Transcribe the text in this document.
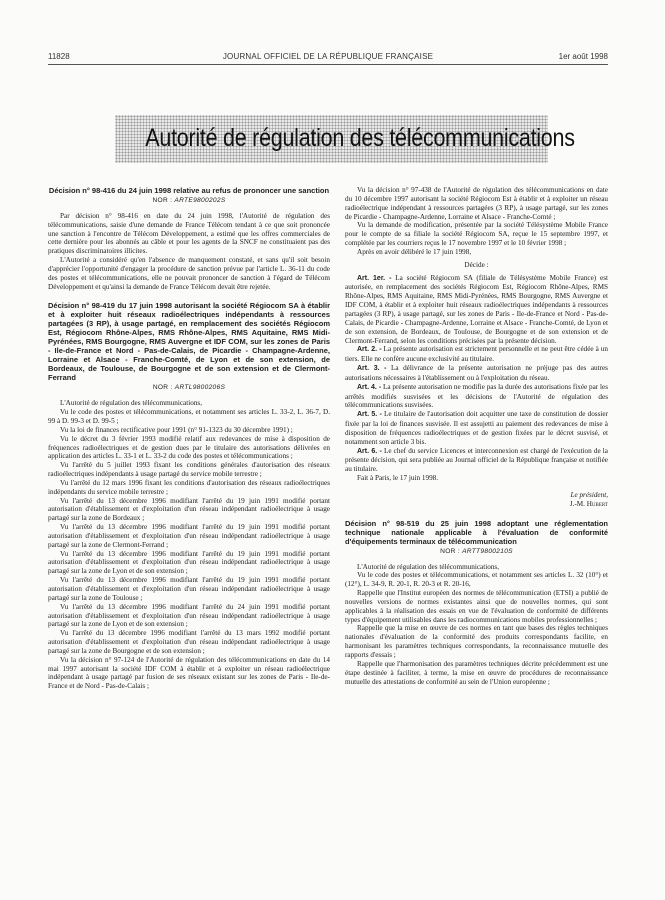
11828	JOURNAL OFFICIEL DE LA RÉPUBLIQUE FRANÇAISE	1er août 1998
Autorité de régulation des télécommunications
Décision n° 98-416 du 24 juin 1998 relative au refus de prononcer une sanction
NOR : ARTE9800202S

Par décision n° 98-416 en date du 24 juin 1998, l'Autorité de régulation des télécommunications, saisie d'une demande de France Télécom tendant à ce que soit prononcée une sanction à l'encontre de Télécom Développement, a estimé que les offres commerciales de cette dernière pour les abonnés au câble et pour les agents de la SNCF ne constituaient pas des pratiques discriminatoires illicites.

L'Autorité a considéré qu'en l'absence de manquement constaté, et sans qu'il soit besoin d'apprécier l'opportunité d'engager la procédure de sanction prévue par l'article L. 36-11 du code des postes et télécommunications, elle ne pouvait prononcer de sanction à l'égard de Télécom Développement et qu'ainsi la demande de France Télécom devait être rejetée.

Décision n° 98-419 du 17 juin 1998 autorisant la société Régiocom SA à établir et à exploiter huit réseaux radioélectriques indépendants à ressources partagées (3 RP), à usage partagé, en remplacement des sociétés Régiocom Est, Régiocom Rhône-Alpes, RMS Rhône-Alpes, RMS Aquitaine, RMS Midi-Pyrénées, RMS Bourgogne, RMS Auvergne et IDF COM, sur les zones de Paris - Ile-de-France et Nord - Pas-de-Calais, de Picardie - Champagne-Ardenne, Lorraine et Alsace - Franche-Comté, de Lyon et de son extension, de Bordeaux, de Toulouse, de Bourgogne et de son extension et de Clermont-Ferrand
NOR : ARTL9800206S

L'Autorité de régulation des télécommunications,

Vu le code des postes et télécommunications, et notamment ses articles L. 33-2, L. 36-7, D. 99 à D. 99-3 et D. 99-5 ;

Vu la loi de finances rectificative pour 1991 (n° 91-1323 du 30 décembre 1991) ;

Vu le décret du 3 février 1993 modifié relatif aux redevances de mise à disposition de fréquences radioélectriques et de gestion dues par le titulaire des autorisations délivrées en application des articles L. 33-1 et L. 33-2 du code des postes et télécommunications ;

Vu l'arrêté du 5 juillet 1993 fixant les conditions générales d'autorisation des réseaux radioélectriques indépendants à usage partagé du service mobile terrestre ;

Vu l'arrêté du 12 mars 1996 fixant les conditions d'autorisation des réseaux radioélectriques indépendants du service mobile terrestre ;

Vu l'arrêté du 13 décembre 1996 modifiant l'arrêté du 19 juin 1991 modifié portant autorisation d'établissement et d'exploitation d'un réseau indépendant radioélectrique à usage partagé sur la zone de Bordeaux ;

Vu l'arrêté du 13 décembre 1996 modifiant l'arrêté du 19 juin 1991 modifié portant autorisation d'établissement et d'exploitation d'un réseau indépendant radioélectrique à usage partagé sur la zone de Clermont-Ferrand ;

Vu l'arrêté du 13 décembre 1996 modifiant l'arrêté du 19 juin 1991 modifié portant autorisation d'établissement et d'exploitation d'un réseau indépendant radioélectrique à usage partagé sur la zone de Lyon et de son extension ;

Vu l'arrêté du 13 décembre 1996 modifiant l'arrêté du 19 juin 1991 modifié portant autorisation d'établissement et d'exploitation d'un réseau indépendant radioélectrique à usage partagé sur la zone de Toulouse ;

Vu l'arrêté du 13 décembre 1996 modifiant l'arrêté du 24 juin 1991 modifié portant autorisation d'établissement et d'exploitation d'un réseau indépendant radioélectrique à usage partagé sur la zone de Lyon et de son extension ;

Vu l'arrêté du 13 décembre 1996 modifiant l'arrêté du 13 mars 1992 modifié portant autorisation d'établissement et d'exploitation d'un réseau indépendant radioélectrique à usage partagé sur la zone de Bourgogne et de son extension ;

Vu la décision n° 97-124 de l'Autorité de régulation des télécommunications en date du 14 mai 1997 autorisant la société IDF COM à établir et à exploiter un réseau radioélectrique indépendant à usage partagé par fusion de ses réseaux existant sur les zones de Paris - Ile-de-France et de Nord - Pas-de-Calais ;

Vu la décision n° 97-438 de l'Autorité de régulation des télécommunications en date du 10 décembre 1997 autorisant la société Régiocom Est à établir et à exploiter un réseau radioélectrique indépendant à ressources partagées (3 RP), à usage partagé, sur les zones de Picardie - Champagne-Ardenne, Lorraine et Alsace - Franche-Comté ;

Vu la demande de modification, présentée par la société Télésystème Mobile France pour le compte de sa filiale la société Régiocom SA, reçue le 15 septembre 1997, et complétée par les courriers reçus le 17 novembre 1997 et le 10 février 1998 ;

Après en avoir délibéré le 17 juin 1998,

Décide :

Art. 1er. - La société Régiocom SA (filiale de Télésystème Mobile France) est autorisée, en remplacement des sociétés Régiocom Est, Régiocom Rhône-Alpes, RMS Rhône-Alpes, RMS Aquitaine, RMS Midi-Pyrénées, RMS Bourgogne, RMS Auvergne et IDF COM, à établir et à exploiter huit réseaux radioélectriques indépendants à ressources partagées (3 RP), à usage partagé, sur les zones de Paris - Ile-de-France et Nord - Pas-de-Calais, de Picardie - Champagne-Ardenne, Lorraine et Alsace - Franche-Comté, de Lyon et de son extension, de Bordeaux, de Toulouse, de Bourgogne et de son extension et de Clermont-Ferrand, selon les conditions précisées par la présente décision.

Art. 2. - La présente autorisation est strictement personnelle et ne peut être cédée à un tiers. Elle ne confère aucune exclusivité au titulaire.

Art. 3. - La délivrance de la présente autorisation ne préjuge pas des autres autorisations nécessaires à l'établissement ou à l'exploitation du réseau.

Art. 4. - La présente autorisation ne modifie pas la durée des autorisations fixée par les arrêtés modifiés susvisées et les décisions de l'Autorité de régulation des télécommunications susvisées.

Art. 5. - Le titulaire de l'autorisation doit acquitter une taxe de constitution de dossier fixée par la loi de finances susvisée. Il est assujetti au paiement des redevances de mise à disposition de fréquences radioélectriques et de gestion fixées par le décret susvisé, et notamment son article 3 bis.

Art. 6. - Le chef du service Licences et interconnexion est chargé de l'exécution de la présente décision, qui sera publiée au Journal officiel de la République française et notifiée au titulaire.

Fait à Paris, le 17 juin 1998.

Le président,
J.-M. Hubert
Décision n° 98-519 du 25 juin 1998 adoptant une réglementation technique nationale applicable à l'évaluation de conformité d'équipements terminaux de télécommunication
NOR : ARTT9800210S

L'Autorité de régulation des télécommunications,

Vu le code des postes et télécommunications, et notamment ses articles L. 32 (10°) et (12°), L. 34-9, R. 20-1, R. 20-3 et R. 20-16,

Rappelle que l'Institut européen des normes de télécommunication (ETSI) a publié de nouvelles versions de normes existantes ainsi que de nouvelles normes, qui sont applicables à la réalisation des essais en vue de l'évaluation de conformité de différents types d'équipement utilisables dans les radiocommunications mobiles professionnelles ;

Rappelle que la mise en œuvre de ces normes en tant que bases des règles techniques nationales d'évaluation de la conformité des produits correspondants facilite, en harmonisant les paramètres techniques correspondants, la reconnaissance mutuelle des rapports d'essais ;

Rappelle que l'harmonisation des paramètres techniques décrite précédemment est une étape destinée à faciliter, à terme, la mise en œuvre de procédures de reconnaissance mutuelle des attestations de conformité au sein de l'Union européenne ;
